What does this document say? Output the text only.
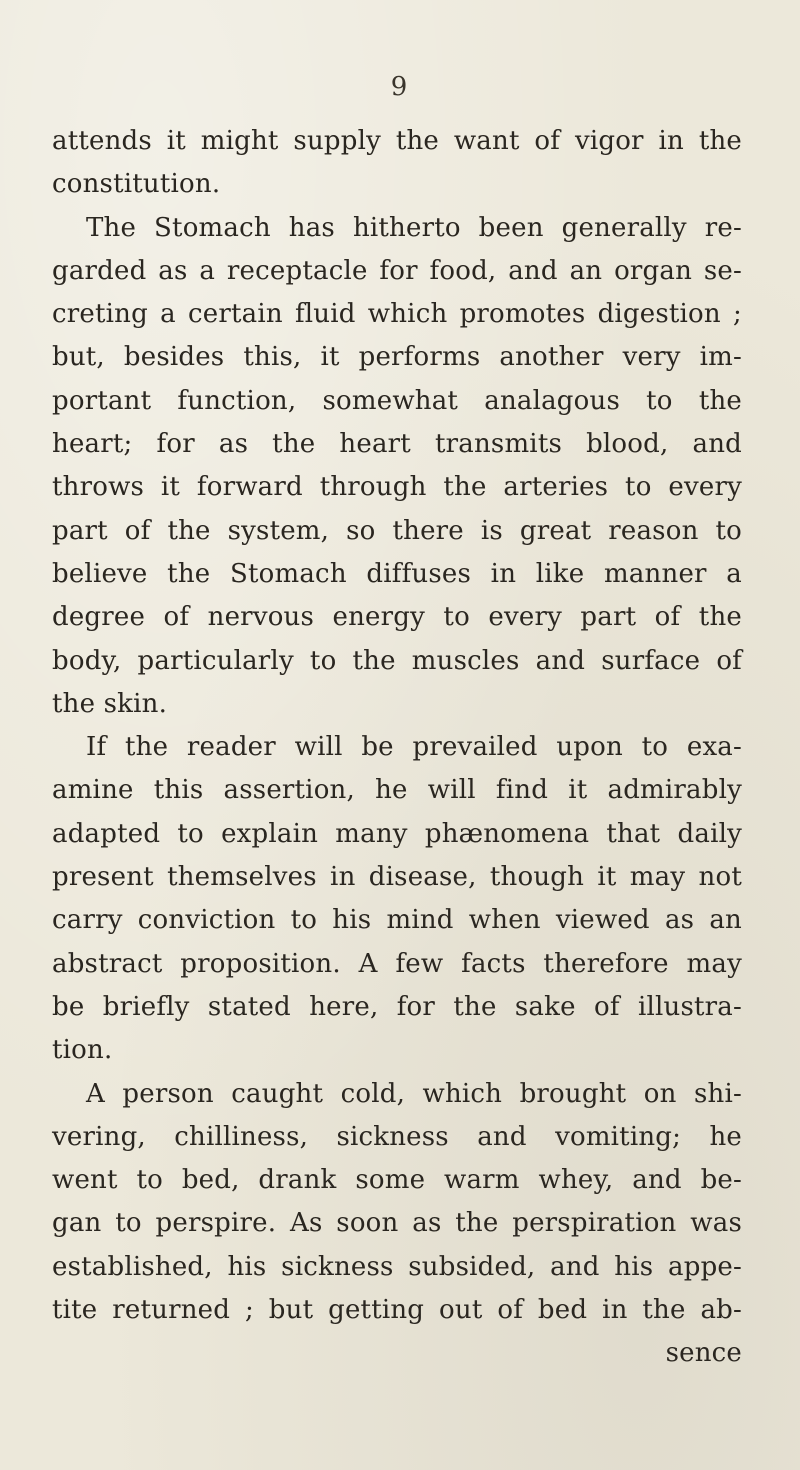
9
attends it might supply the want of vigor in the
constitution.
The Stomach has hitherto been generally re-
garded as a receptacle for food, and an organ se-
creting a certain fluid which promotes digestion ;
but, besides this, it performs another very im-
portant function, somewhat analagous to the
heart; for as the heart transmits blood, and
throws it forward through the arteries to every
part of the system, so there is great reason to
believe the Stomach diffuses in like manner a
degree of nervous energy to every part of the
body, particularly to the muscles and surface of
the skin.
If the reader will be prevailed upon to exa-
amine this assertion, he will find it admirably
adapted to explain many phænomena that daily
present themselves in disease, though it may not
carry conviction to his mind when viewed as an
abstract proposition. A few facts therefore may
be briefly stated here, for the sake of illustra-
tion.
A person caught cold, which brought on shi-
vering, chilliness, sickness and vomiting; he
went to bed, drank some warm whey, and be-
gan to perspire. As soon as the perspiration was
established, his sickness subsided, and his appe-
tite returned ; but getting out of bed in the ab-
sence
